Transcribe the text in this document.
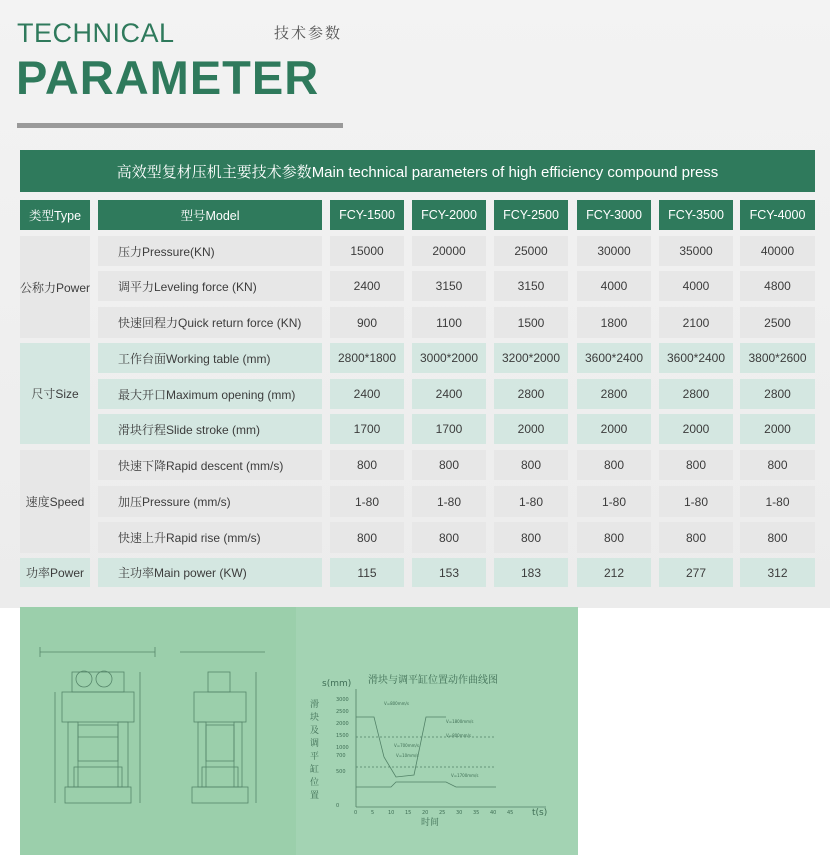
TECHNICAL	技术参数
PARAMETER
高效型复材压机主要技术参数Main technical parameters of high efficiency compound press
类型Type	型号Model	FCY-1500	FCY-2000	FCY-2500	FCY-3000	FCY-3500	FCY-4000
压力Pressure(KN)	15000	20000	25000	30000	35000	40000
调平力Leveling force (KN)	2400	3150	3150	4000	4000	4800
快速回程力Quick return force (KN)	900	1100	1500	1800	2100	2500
公称力Power
工作台面Working table (mm)	2800*1800	3000*2000	3200*2000	3600*2400	3600*2400	3800*2600
最大开口Maximum opening (mm)	2400	2400	2800	2800	2800	2800
滑块行程Slide stroke (mm)	1700	1700	2000	2000	2000	2000
尺寸Size
快速下降Rapid descent (mm/s)	800	800	800	800	800	800
加压Pressure (mm/s)	1-80	1-80	1-80	1-80	1-80	1-80
快速上升Rapid rise (mm/s)	800	800	800	800	800	800
速度Speed
主功率Main power (KW)	115	153	183	212	277	312
功率Power
滑块与调平缸位置动作曲线图
s(mm)
t(s)
时间
滑
块
及
调
平
缸
位
置
3000
2500
2000
1500
1000
700
500
0
0	5	10 15 20 25 30 35 40 45
V=800mm/s
V=700mm/s
V=10mm/s
V=1800mm/s
V=800mm/s
V=1700mm/s
